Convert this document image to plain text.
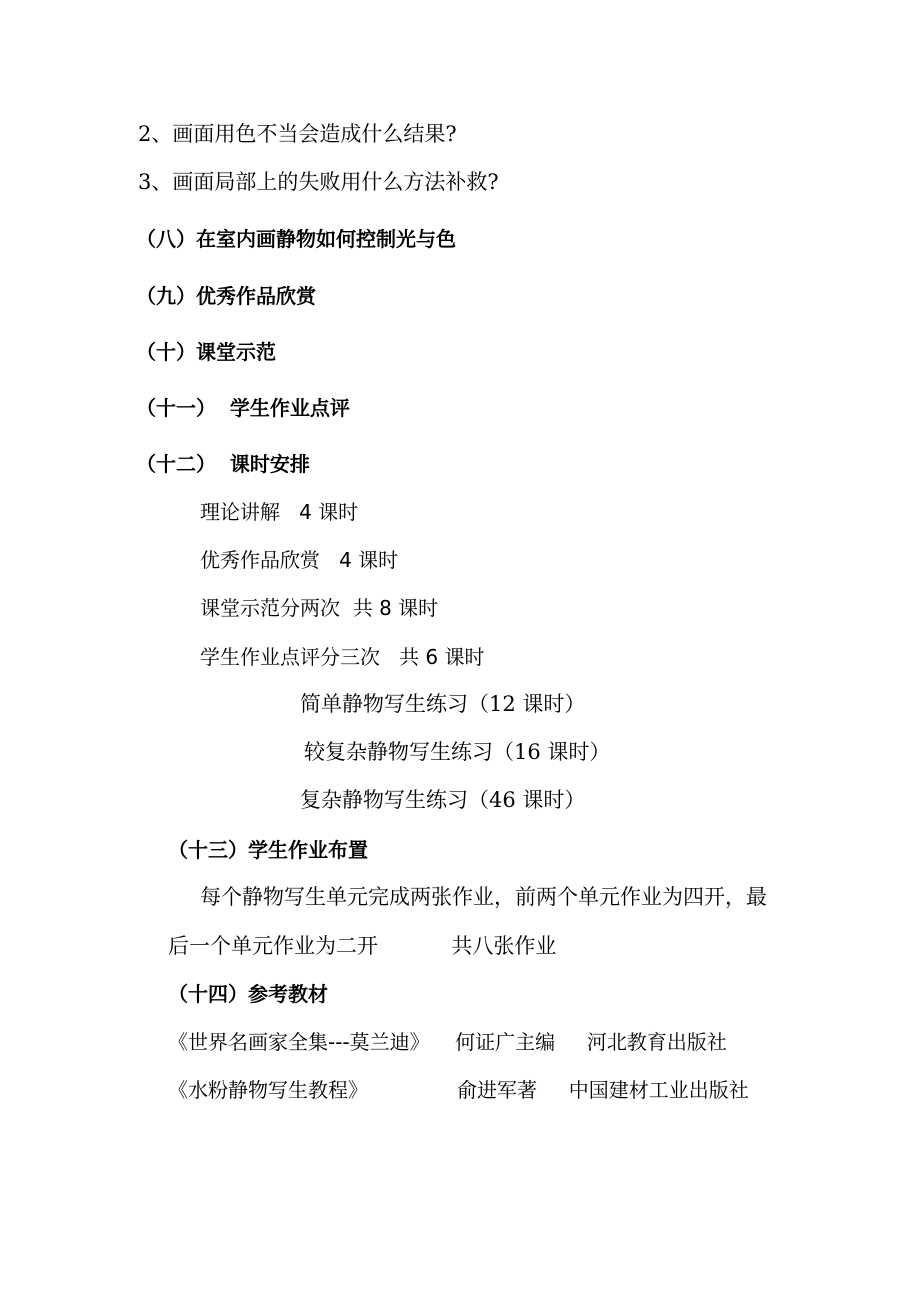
2、画面用色不当会造成什么结果?
3、画面局部上的失败用什么方法补救?
（八）在室内画静物如何控制光与色
（九）优秀作品欣赏
（十）课堂示范
（十一）  学生作业点评
（十二）  课时安排
理论讲解   4 课时
优秀作品欣赏   4 课时
课堂示范分两次  共 8 课时
学生作业点评分三次   共 6 课时
简单静物写生练习（12 课时）
较复杂静物写生练习（16 课时）
复杂静物写生练习（46 课时）
（十三）学生作业布置
每个静物写生单元完成两张作业，前两个单元作业为四开，最
后一个单元作业为二开           共八张作业
（十四）参考教材
《世界名画家全集---莫兰迪》    何证广主编     河北教育出版社
《水粉静物写生教程》              俞进军著     中国建材工业出版社
